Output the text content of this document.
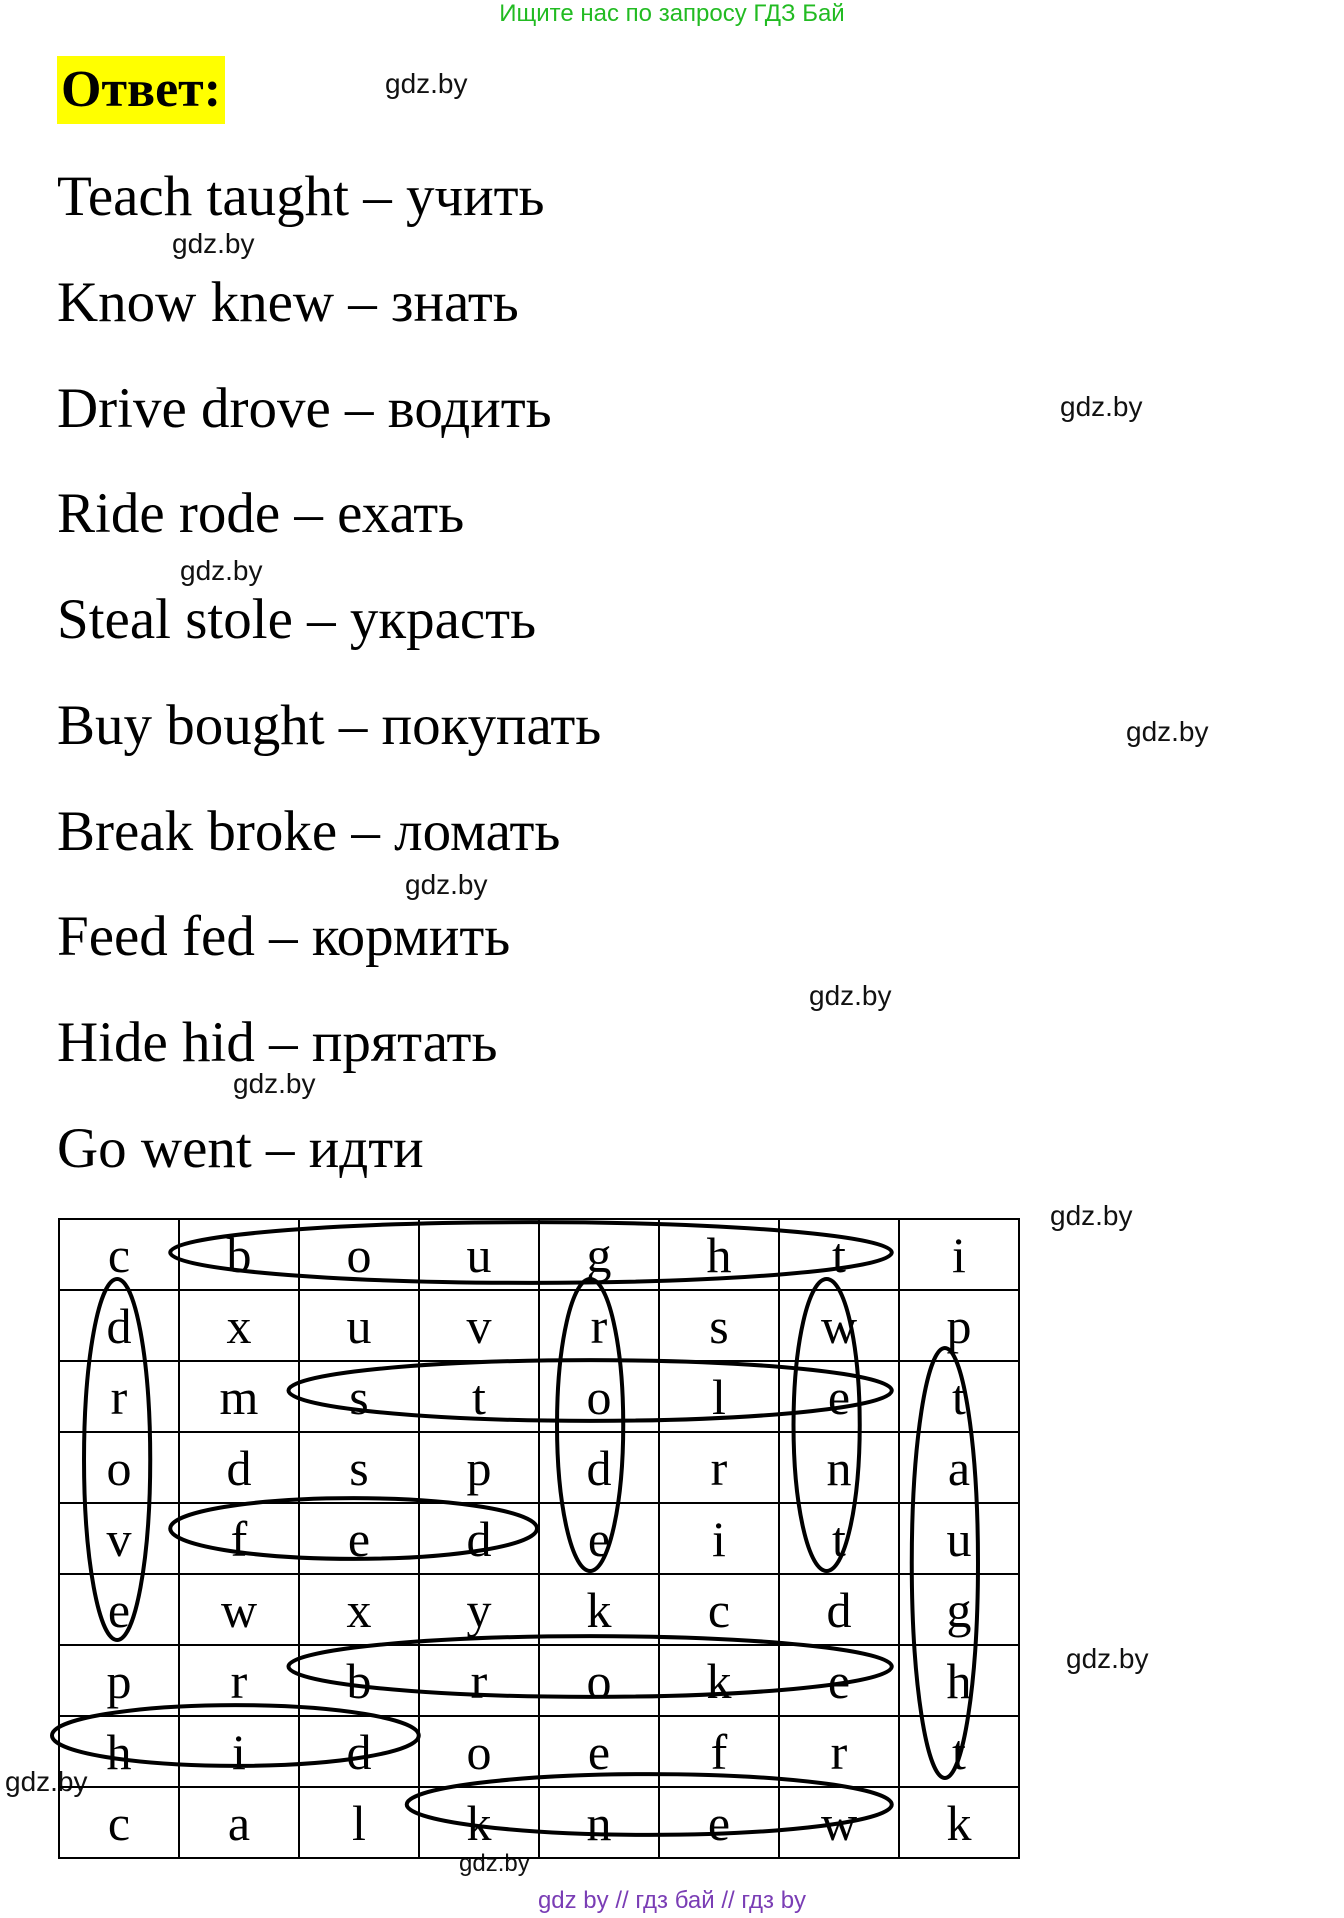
Ищите нас по запросу ГДЗ Бай
Ответ:	gdz.by
gdz.by
gdz.by
gdz.by
gdz.by
gdz.by
gdz.by
gdz.by
gdz.by
gdz.by
gdz.by
gdz.by
Teach taught – учить
Know knew – знать
Drive drove – водить
Ride rode – ехать
Steal stole – украсть
Buy bought – покупать
Break broke – ломать
Feed fed – кормить
Hide hid – прятать
Go went – идти
c	b	o	u	g	h	t	i
d	x	u	v	r	s	w	p
r	m	s	t	o	l	e	t
o	d	s	p	d	r	n	a
v	f	e	d	e	i	t	u
e	w	x	y	k	c	d	g
p	r	b	r	o	k	e	h
h	i	d	o	e	f	r	t
c	a	l	k	n	e	w	k
gdz by // гдз бай // гдз by
